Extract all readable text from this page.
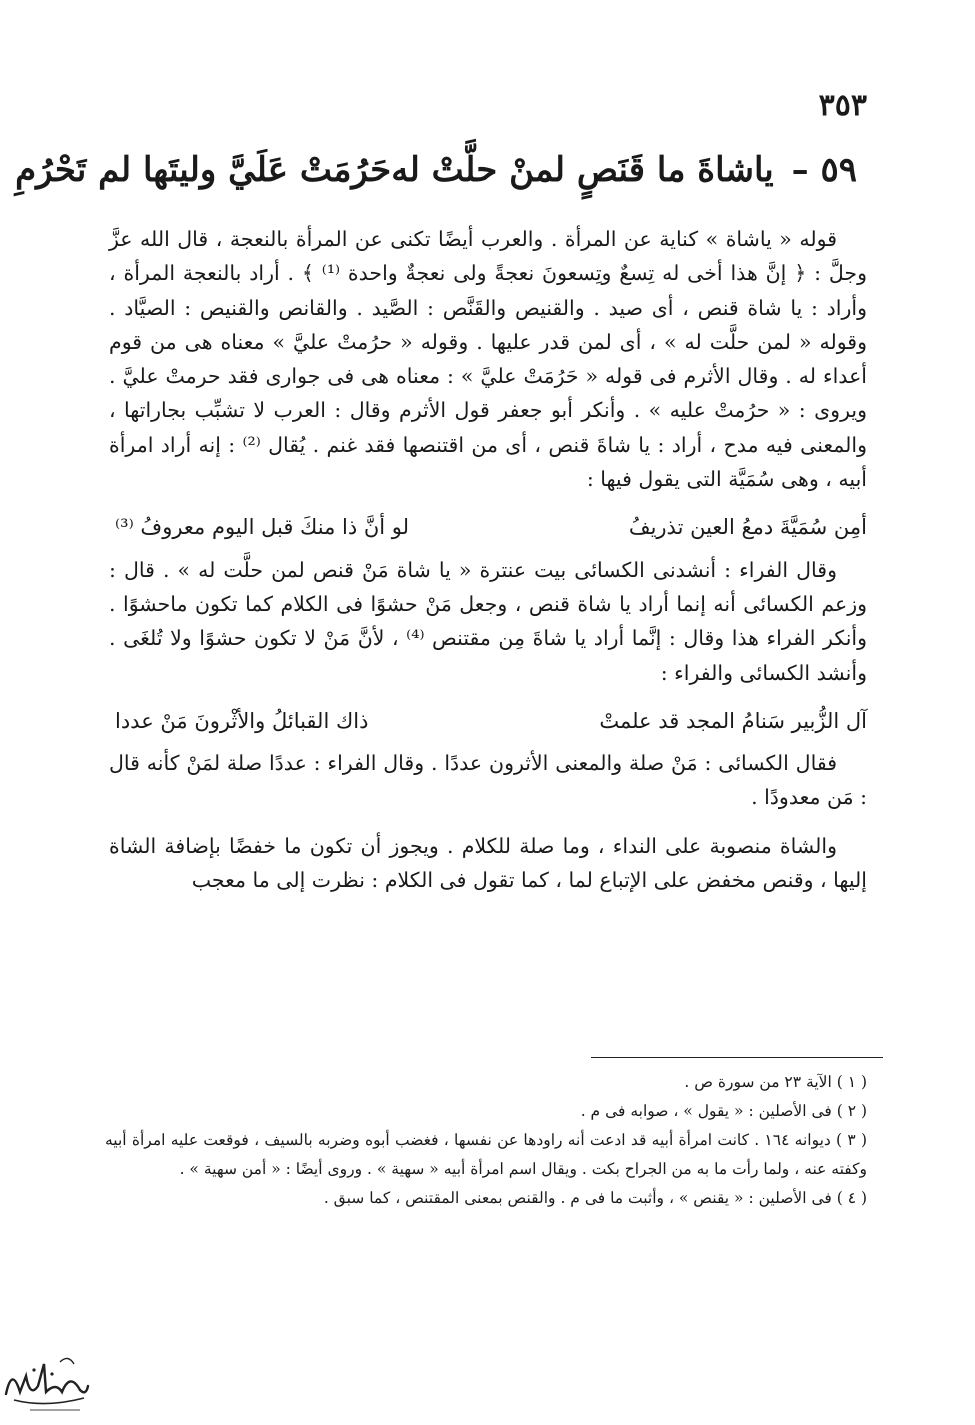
٣٥٣
٥٩ – ياشاةَ ما قَنَصٍ لمنْ حلَّتْ له
حَرُمَتْ عَلَيَّ وليتَها لم تَحْرُمِ

قوله « ياشاة » كناية عن المرأة . والعرب أيضًا تكنى عن المرأة بالنعجة ، قال الله عزَّ وجلَّ : ﴿ إنَّ هذا أخى له تِسعٌ وتِسعونَ نعجةً ولى نعجةٌ واحدة ⁽¹⁾ ﴾ . أراد بالنعجة المرأة ، وأراد : يا شاة قنص ، أى صيد . والقنيص والقَنَّص : الصَّيد . والقانص والقنيص : الصيَّاد . وقوله « لمن حلَّت له » ، أى لمن قدر عليها . وقوله « حرُمتْ عليَّ » معناه هى من قوم أعداء له . وقال الأثرم فى قوله « حَرُمَتْ عليَّ » : معناه هى فى جوارى فقد حرمتْ عليَّ . ويروى : « حرُمتْ عليه » . وأنكر أبو جعفر قول الأثرم وقال : العرب لا تشبِّب بجاراتها ، والمعنى فيه مدح ، أراد : يا شاةَ قنص ، أى من اقتنصها فقد غنم . يُقال ⁽²⁾ : إنه أراد امرأة أبيه ، وهى سُمَيَّة التى يقول فيها :

أمِن سُمَيَّةَ دمعُ العين تذريفُ
لو أنَّ ذا منكَ قبل اليوم معروفُ ⁽³⁾

وقال الفراء : أنشدنى الكسائى بيت عنترة « يا شاة مَنْ قنص لمن حلَّت له » . قال : وزعم الكسائى أنه إنما أراد يا شاة قنص ، وجعل مَنْ حشوًا فى الكلام كما تكون ماحشوًا . وأنكر الفراء هذا وقال : إنَّما أراد يا شاةَ مِن مقتنص ⁽⁴⁾ ، لأنَّ مَنْ لا تكون حشوًا ولا تُلغَى . وأنشد الكسائى والفراء :

آل الزُّبير سَنامُ المجد قد علمتْ
ذاك القبائلُ والأثْرونَ مَنْ عددا

فقال الكسائى : مَنْ صلة والمعنى الأثرون عددًا . وقال الفراء : عددًا صلة لمَنْ كأنه قال : مَن معدودًا .

والشاة منصوبة على النداء ، وما صلة للكلام . ويجوز أن تكون ما خفضًا بإضافة الشاة إليها ، وقنص مخفض على الإتباع لما ، كما تقول فى الكلام : نظرت إلى ما معجب

( ١ ) الآية ٢٣ من سورة ص .

( ٢ ) فى الأصلين : « يقول » ، صوابه فى م .

( ٣ ) ديوانه ١٦٤ . كانت امرأة أبيه قد ادعت أنه راودها عن نفسها ، فغضب أبوه وضربه بالسيف ، فوقعت عليه امرأة أبيه وكفته عنه ، ولما رأت ما به من الجراح بكت . ويقال اسم امرأة أبيه « سهية » . وروى أيضًا : « أمن سهية » .

( ٤ ) فى الأصلين : « يقنص » ، وأثبت ما فى م . والقنص بمعنى المقتنص ، كما سبق .
